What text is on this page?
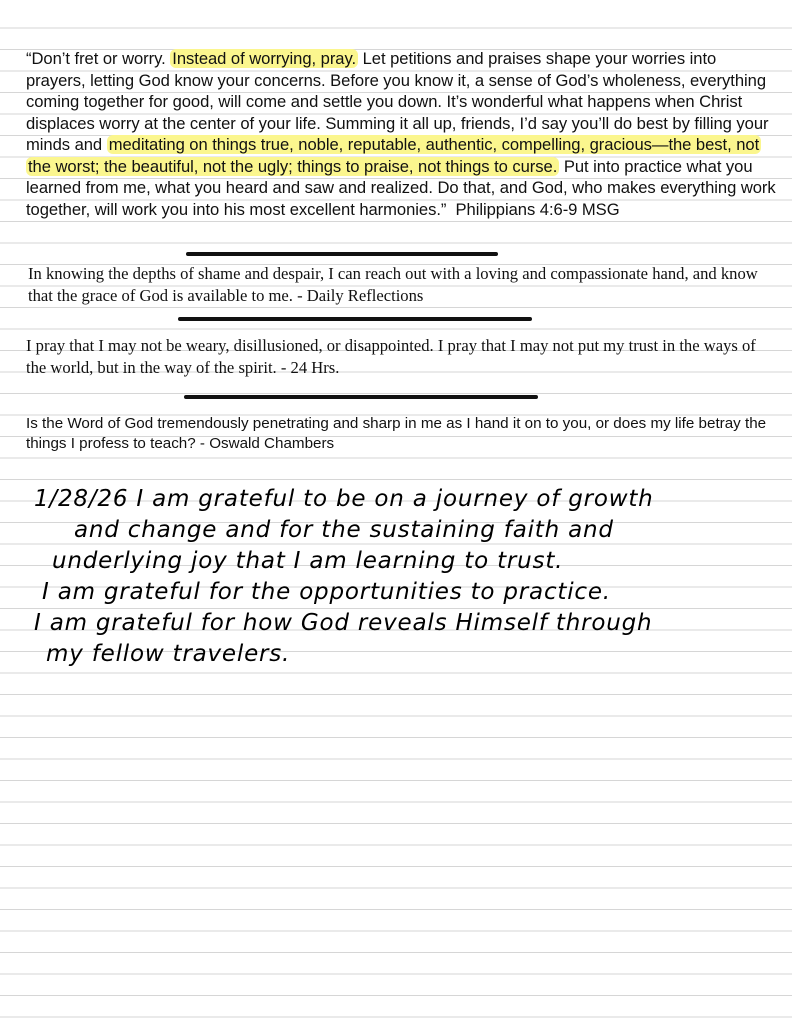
“Don’t fret or worry. Instead of worrying, pray. Let petitions and praises shape your worries into prayers, letting God know your concerns. Before you know it, a sense of God’s wholeness, everything coming together for good, will come and settle you down. It’s wonderful what happens when Christ displaces worry at the center of your life. Summing it all up, friends, I’d say you’ll do best by filling your minds and meditating on things true, noble, reputable, authentic, compelling, gracious—the best, not the worst; the beautiful, not the ugly; things to praise, not things to curse. Put into practice what you learned from me, what you heard and saw and realized. Do that, and God, who makes everything work together, will work you into his most excellent harmonies.” Philippians 4:6-9 MSG

In knowing the depths of shame and despair, I can reach out with a loving and compassionate hand, and know that the grace of God is available to me. - Daily Reflections

I pray that I may not be weary, disillusioned, or disappointed. I pray that I may not put my trust in the ways of the world, but in the way of the spirit. - 24 Hrs.

Is the Word of God tremendously penetrating and sharp in me as I hand it on to you, or does my life betray the things I profess to teach? - Oswald Chambers

1/28/26 I am grateful to be on a journey of growth
and change and for the sustaining faith and
underlying joy that I am learning to trust.
I am grateful for the opportunities to practice.
I am grateful for how God reveals Himself through
my fellow travelers.
